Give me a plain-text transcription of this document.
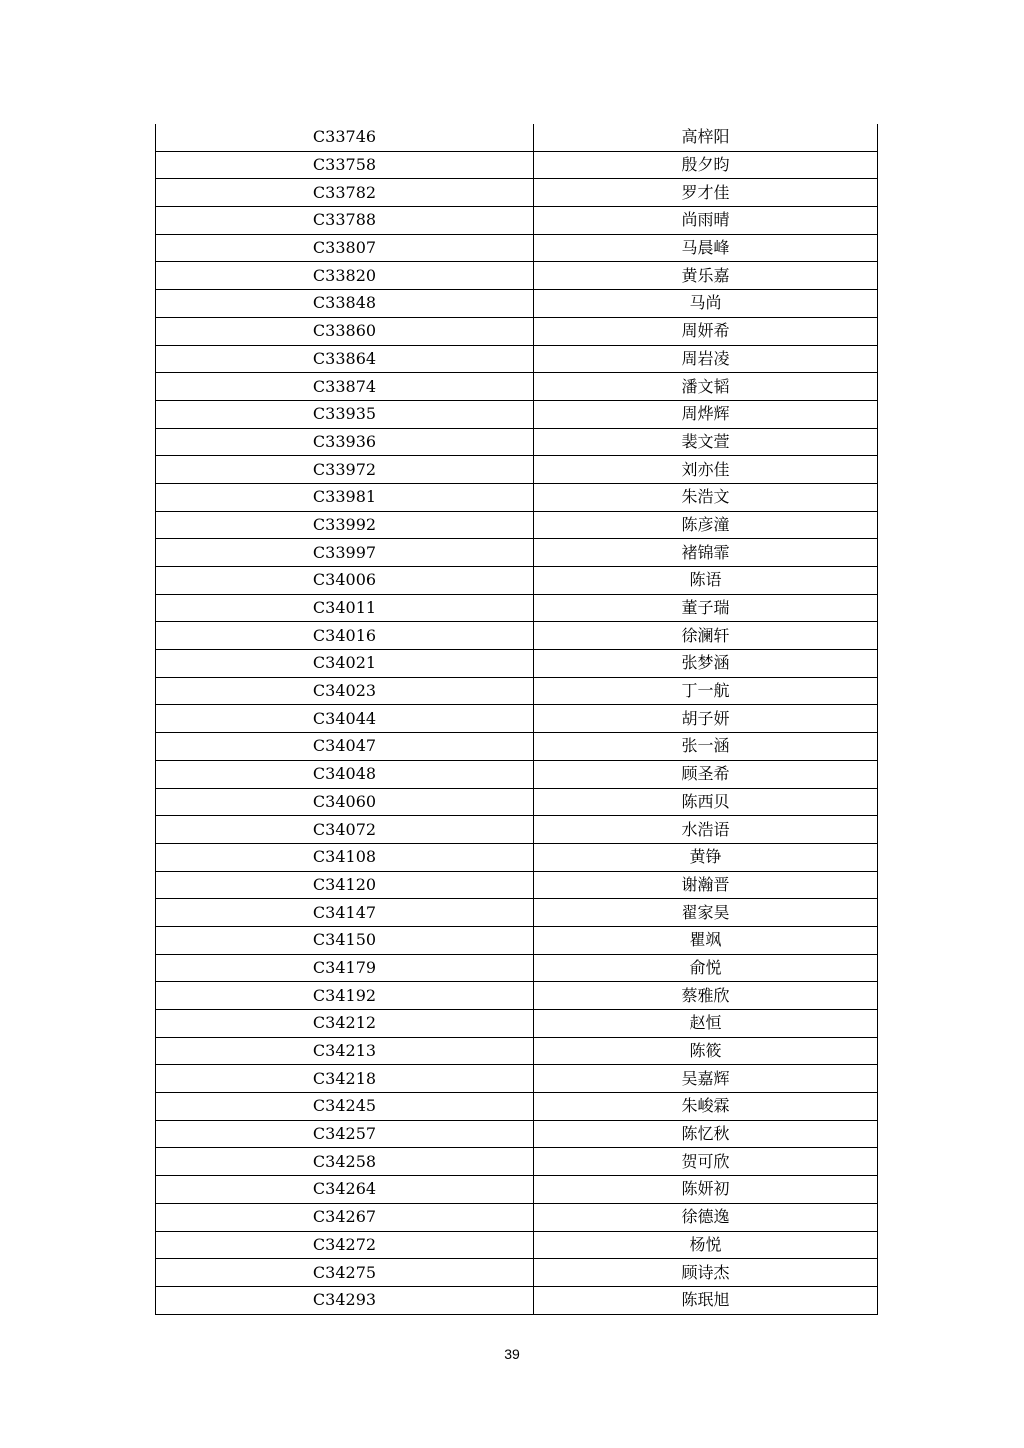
C33746	高梓阳
C33758	殷夕昀
C33782	罗才佳
C33788	尚雨晴
C33807	马晨峰
C33820	黄乐嘉
C33848	马尚
C33860	周妍希
C33864	周岩凌
C33874	潘文韬
C33935	周烨辉
C33936	裴文萱
C33972	刘亦佳
C33981	朱浩文
C33992	陈彦潼
C33997	褚锦霏
C34006	陈语
C34011	董子瑞
C34016	徐澜轩
C34021	张梦涵
C34023	丁一航
C34044	胡子妍
C34047	张一涵
C34048	顾圣希
C34060	陈西贝
C34072	水浩语
C34108	黄铮
C34120	谢瀚晋
C34147	翟家昊
C34150	瞿飒
C34179	俞悦
C34192	蔡雅欣
C34212	赵恒
C34213	陈筱
C34218	吴嘉辉
C34245	朱峻霖
C34257	陈忆秋
C34258	贺可欣
C34264	陈妍初
C34267	徐德逸
C34272	杨悦
C34275	顾诗杰
C34293	陈珉旭
39
